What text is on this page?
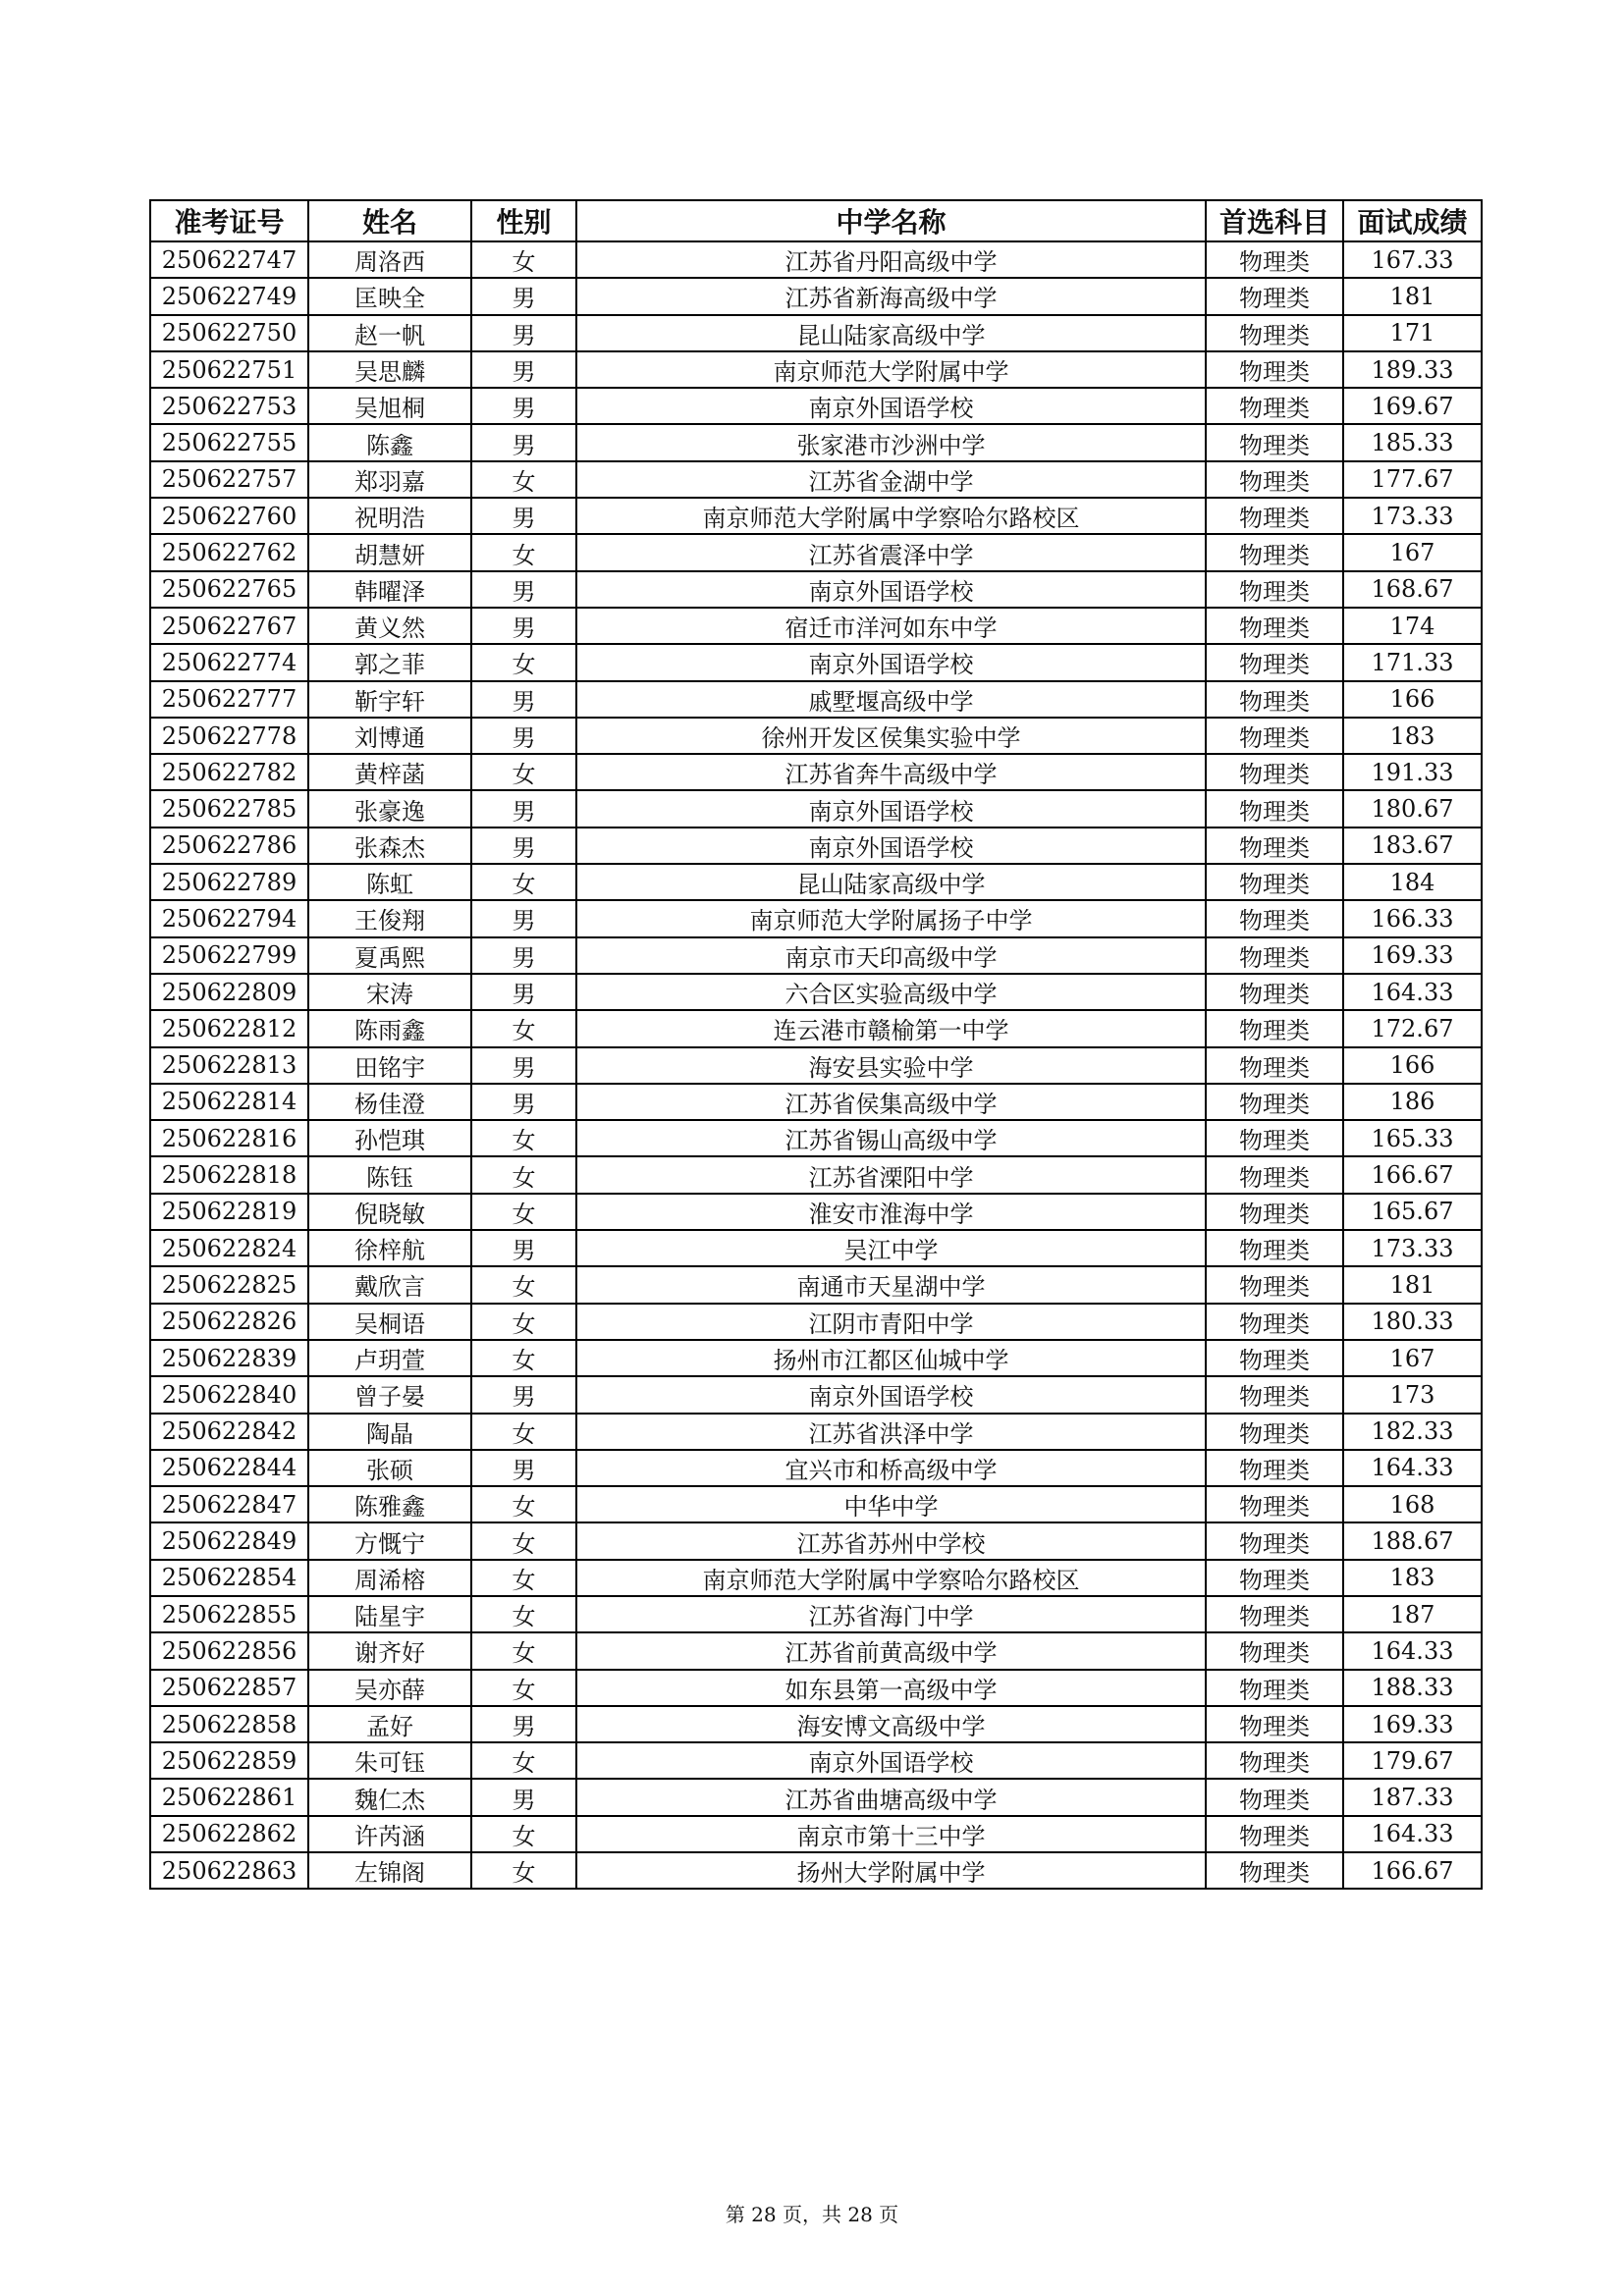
准考证号	姓名	性别	中学名称	首选科目	面试成绩
250622747	周洛西	女	江苏省丹阳高级中学	物理类	167.33
250622749	匡映全	男	江苏省新海高级中学	物理类	181
250622750	赵一帆	男	昆山陆家高级中学	物理类	171
250622751	吴思麟	男	南京师范大学附属中学	物理类	189.33
250622753	吴旭桐	男	南京外国语学校	物理类	169.67
250622755	陈鑫	男	张家港市沙洲中学	物理类	185.33
250622757	郑羽嘉	女	江苏省金湖中学	物理类	177.67
250622760	祝明浩	男	南京师范大学附属中学察哈尔路校区	物理类	173.33
250622762	胡慧妍	女	江苏省震泽中学	物理类	167
250622765	韩曜泽	男	南京外国语学校	物理类	168.67
250622767	黄义然	男	宿迁市洋河如东中学	物理类	174
250622774	郭之菲	女	南京外国语学校	物理类	171.33
250622777	靳宇轩	男	戚墅堰高级中学	物理类	166
250622778	刘博通	男	徐州开发区侯集实验中学	物理类	183
250622782	黄梓菡	女	江苏省奔牛高级中学	物理类	191.33
250622785	张豪逸	男	南京外国语学校	物理类	180.67
250622786	张森杰	男	南京外国语学校	物理类	183.67
250622789	陈虹	女	昆山陆家高级中学	物理类	184
250622794	王俊翔	男	南京师范大学附属扬子中学	物理类	166.33
250622799	夏禹熙	男	南京市天印高级中学	物理类	169.33
250622809	宋涛	男	六合区实验高级中学	物理类	164.33
250622812	陈雨鑫	女	连云港市赣榆第一中学	物理类	172.67
250622813	田铭宇	男	海安县实验中学	物理类	166
250622814	杨佳澄	男	江苏省侯集高级中学	物理类	186
250622816	孙恺琪	女	江苏省锡山高级中学	物理类	165.33
250622818	陈钰	女	江苏省溧阳中学	物理类	166.67
250622819	倪晓敏	女	淮安市淮海中学	物理类	165.67
250622824	徐梓航	男	吴江中学	物理类	173.33
250622825	戴欣言	女	南通市天星湖中学	物理类	181
250622826	吴桐语	女	江阴市青阳中学	物理类	180.33
250622839	卢玥萱	女	扬州市江都区仙城中学	物理类	167
250622840	曾子晏	男	南京外国语学校	物理类	173
250622842	陶晶	女	江苏省洪泽中学	物理类	182.33
250622844	张硕	男	宜兴市和桥高级中学	物理类	164.33
250622847	陈雅鑫	女	中华中学	物理类	168
250622849	方慨宁	女	江苏省苏州中学校	物理类	188.67
250622854	周浠榕	女	南京师范大学附属中学察哈尔路校区	物理类	183
250622855	陆星宇	女	江苏省海门中学	物理类	187
250622856	谢齐好	女	江苏省前黄高级中学	物理类	164.33
250622857	吴亦薛	女	如东县第一高级中学	物理类	188.33
250622858	孟好	男	海安博文高级中学	物理类	169.33
250622859	朱可钰	女	南京外国语学校	物理类	179.67
250622861	魏仁杰	男	江苏省曲塘高级中学	物理类	187.33
250622862	许芮涵	女	南京市第十三中学	物理类	164.33
250622863	左锦阁	女	扬州大学附属中学	物理类	166.67
第 28 页，共 28 页
